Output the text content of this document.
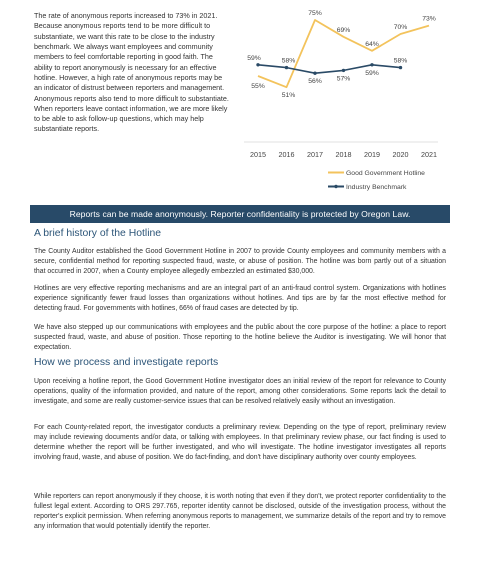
The rate of anonymous reports increased to 73% in 2021. Because anonymous reports tend to be more difficult to substantiate, we want this rate to be close to the industry benchmark. We always want employees and community members to feel comfortable reporting in good faith. The ability to report anonymously is necessary for an effective hotline. However, a high rate of anonymous reports may be an indicator of distrust between reporters and management. Anonymous reports also tend to more difficult to substantiate. When reporters leave contact information, we are more likely to be able to ask follow-up questions, which may help substantiate reports.

2015 2016 2017 2018 2019 2020 2021
55%
51%
75%
69%
64%
70%
73%
59%	58%
56% 57%
59%
58%
Good Government Hotline
Industry Benchmark
Reports can be made anonymously. Reporter confidentiality is protected by Oregon Law.
A brief history of the Hotline

The County Auditor established the Good Government Hotline in 2007 to provide County employees and community members with a secure, confidential method for reporting suspected fraud, waste, or abuse of position. The hotline was born partly out of a situation that occurred in 2007, when a County employee allegedly embezzled an estimated $30,000.

Hotlines are very effective reporting mechanisms and are an integral part of an anti-fraud control system. Organizations with hotlines experience significantly fewer fraud losses than organizations without hotlines. And tips are by far the most effective method for detecting fraud. For governments with hotlines, 66% of fraud cases are detected by tip.

We have also stepped up our communications with employees and the public about the core purpose of the hotline: a place to report suspected fraud, waste, and abuse of position. Those reporting to the hotline believe the Auditor is investigating. We will honor that expectation.

How we process and investigate reports

Upon receiving a hotline report, the Good Government Hotline investigator does an initial review of the report for relevance to County operations, quality of the information provided, and nature of the report, among other considerations. Some reports lack the detail to investigate, and some are really customer-service issues that can be resolved relatively easily without an investigation.

For each County-related report, the investigator conducts a preliminary review. Depending on the type of report, preliminary review may include reviewing documents and/or data, or talking with employees. In that preliminary review phase, our fact finding is used to determine whether the report will be further investigated, and who will investigate. The hotline investigator investigates all reports involving fraud, waste, and abuse of position. We do fact-finding, and don't have disciplinary authority over county employees.

While reporters can report anonymously if they choose, it is worth noting that even if they don't, we protect reporter confidentiality to the fullest legal extent. According to ORS 297.765, reporter identity cannot be disclosed, outside of the investigation process, without the reporter's explicit permission. When referring anonymous reports to management, we summarize details of the report and try to remove any information that would potentially identify the reporter.
